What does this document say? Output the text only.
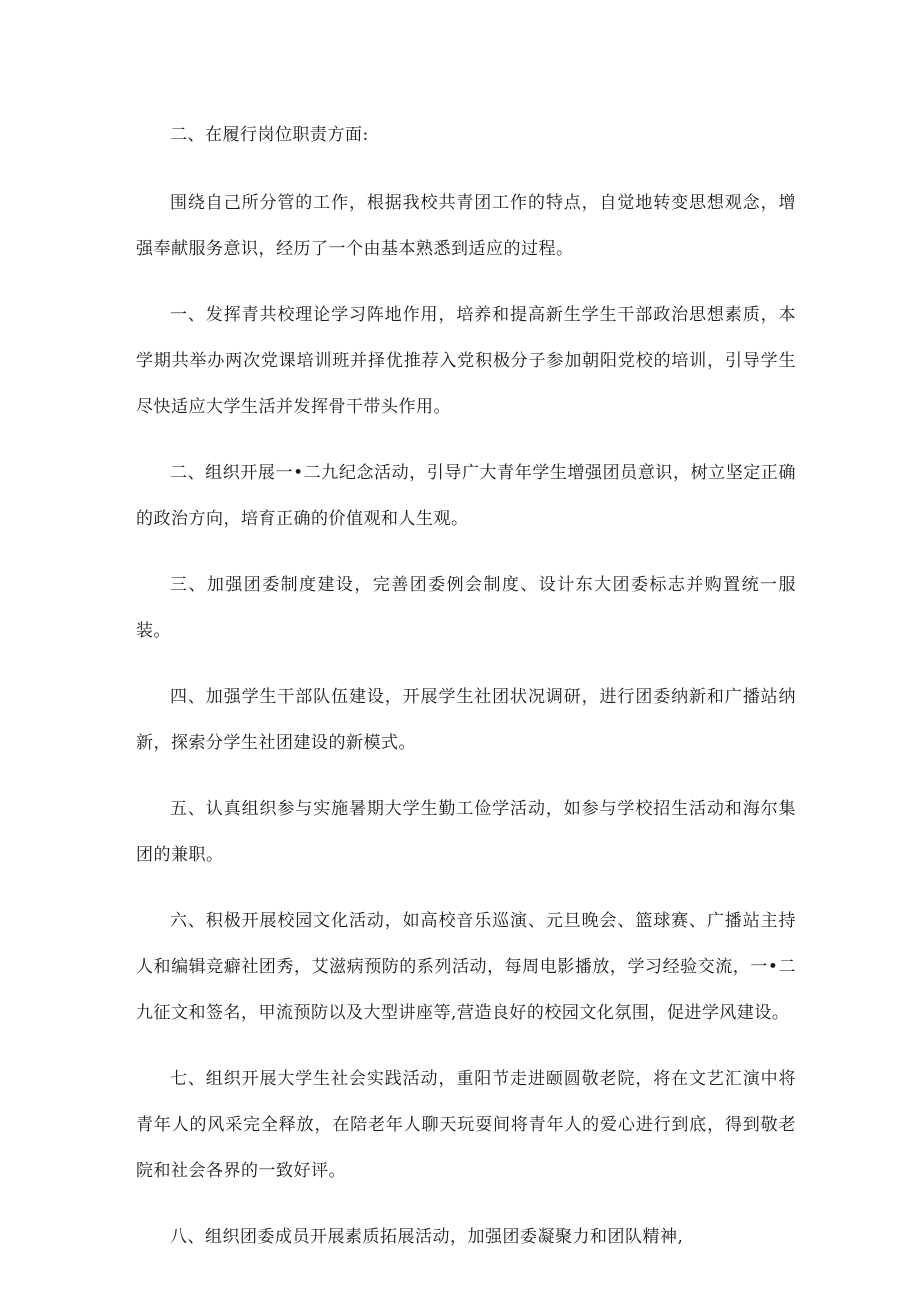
二、在履行岗位职责方面:

围绕自己所分管的工作，根据我校共青团工作的特点，自觉地转变思想观念，增强奉献服务意识，经历了一个由基本熟悉到适应的过程。

一、发挥青共校理论学习阵地作用，培养和提高新生学生干部政治思想素质，本学期共举办两次党课培训班并择优推荐入党积极分子参加朝阳党校的培训，引导学生尽快适应大学生活并发挥骨干带头作用。

二、组织开展一•二九纪念活动，引导广大青年学生增强团员意识，树立坚定正确的政治方向，培育正确的价值观和人生观。

三、加强团委制度建设，完善团委例会制度、设计东大团委标志并购置统一服装。

四、加强学生干部队伍建设，开展学生社团状况调研，进行团委纳新和广播站纳新，探索分学生社团建设的新模式。

五、认真组织参与实施暑期大学生勤工俭学活动，如参与学校招生活动和海尔集团的兼职。

六、积极开展校园文化活动，如高校音乐巡演、元旦晚会、篮球赛、广播站主持人和编辑竞癖社团秀，艾滋病预防的系列活动，每周电影播放，学习经验交流，一•二九征文和签名，甲流预防以及大型讲座等,营造良好的校园文化氛围，促进学风建设。

七、组织开展大学生社会实践活动，重阳节走进颐圆敬老院，将在文艺汇演中将青年人的风采完全释放，在陪老年人聊天玩耍间将青年人的爱心进行到底，得到敬老院和社会各界的一致好评。

八、组织团委成员开展素质拓展活动，加强团委凝聚力和团队精神,
